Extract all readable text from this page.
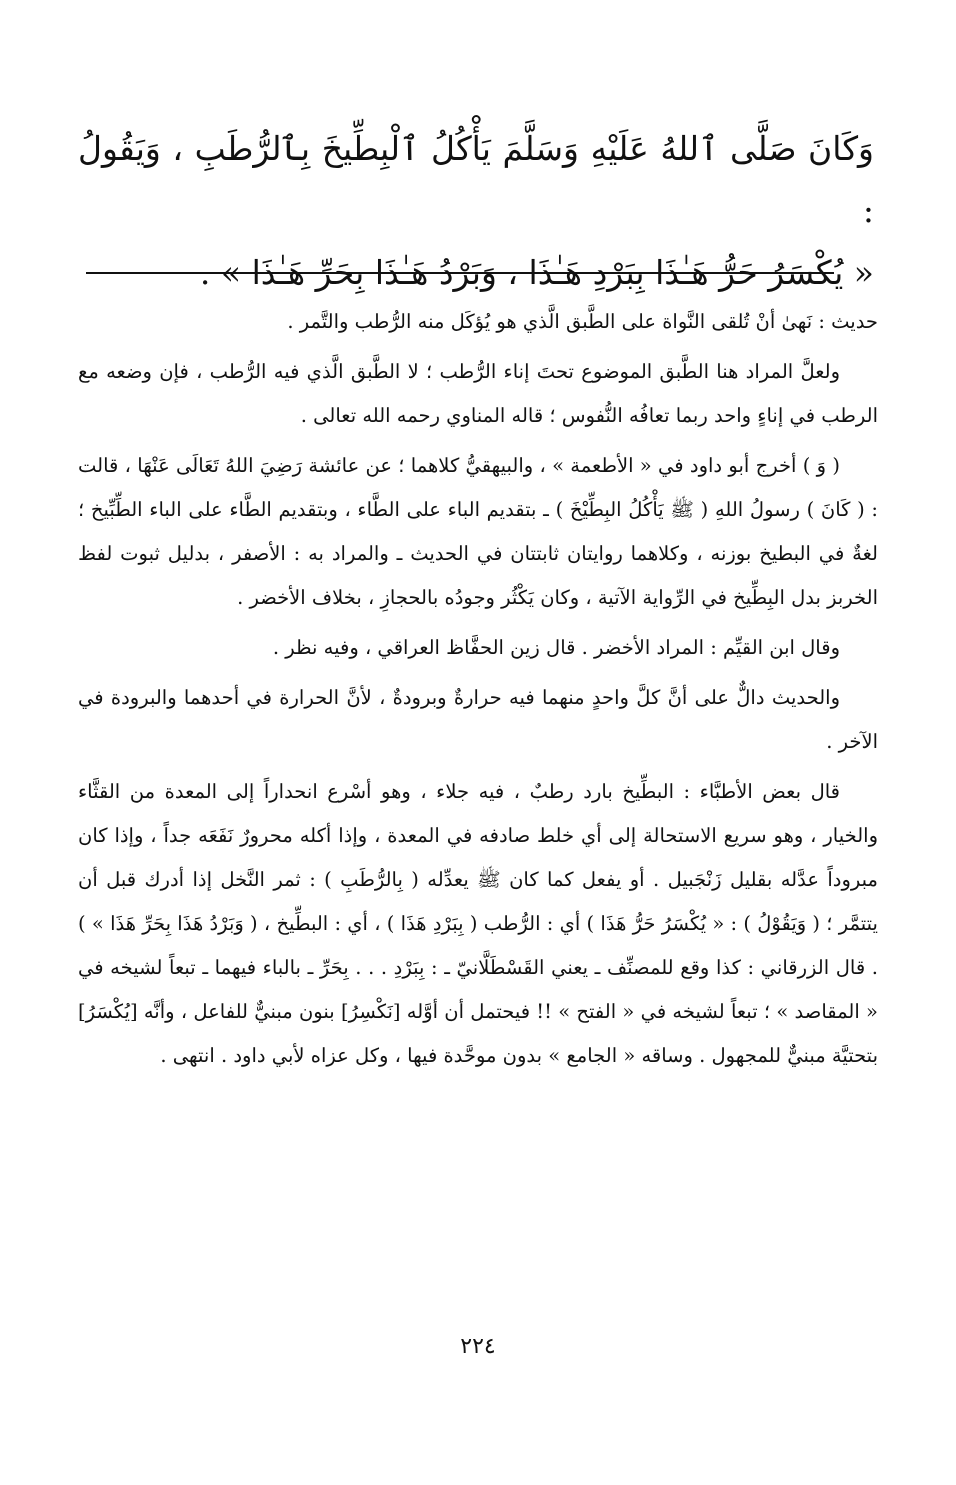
وَكَانَ صَلَّى ٱللهُ عَلَيْهِ وَسَلَّمَ يَأْكُلُ ٱلْبِطِّيخَ بِٱلرُّطَبِ ، وَيَقُولُ :

« يُكْسَرُ حَرُّ هَـٰذَا بِبَرْدِ هَـٰذَا ، وَبَرْدُ هَـٰذَا بِحَرِّ هَـٰذَا » .

حديث : نَهىٰ أنْ تُلقى النَّواة على الطَّبق الَّذي هو يُؤكَل منه الرُّطب والتَّمر .

ولعلَّ المراد هنا الطَّبق الموضوع تحتَ إناء الرُّطب ؛ لا الطَّبق الَّذي فيه الرُّطب ، فإن وضعه مع الرطب في إناءٍ واحد ربما تعافُه النُّفوس ؛ قاله المناوي رحمه الله تعالى .

( وَ ) أخرج أبو داود في « الأطعمة » ، والبيهقيُّ كلاهما ؛ عن عائشة رَضِيَ اللهُ تَعَالَى عَنْهَا ، قالت : ( كَانَ ) رسولُ اللهِ ( ﷺ يَأْكُلُ البِطِّيْخَ ) ـ بتقديم الباء على الطَّاء ، وبتقديم الطَّاء على الباء الطِّبِّيخ ؛ لغةٌ في البطيخ بوزنه ، وكلاهما روايتان ثابتتان في الحديث ـ والمراد به : الأصفر ، بدليل ثبوت لفظ الخربز بدل البِطِّيخ في الرِّواية الآتية ، وكان يَكْثُر وجودُه بالحجازِ ، بخلاف الأخضر .

وقال ابن القيِّم : المراد الأخضر . قال زين الحفَّاظ العراقي ، وفيه نظر .

والحديث دالٌّ على أنَّ كلَّ واحدٍ منهما فيه حرارةٌ وبرودةٌ ، لأنَّ الحرارة في أحدهما والبرودة في الآخر .

قال بعض الأطبَّاء : البطِّيخ بارد رطبٌ ، فيه جلاء ، وهو أسْرع انحداراً إلى المعدة من القثَّاء والخيار ، وهو سريع الاستحالة إلى أي خلط صادفه في المعدة ، وإذا أكله محرورٌ نَفَعَه جداً ، وإذا كان مبروداً عدَّله بقليل زَنْجَبيل . أو يفعل كما كان ﷺ يعدِّله ( بِالرُّطَبِ ) : ثمر النَّخل إذا أدرك قبل أن يتتمَّر ؛ ( وَيَقُوْلُ ) : « يُكْسَرُ حَرُّ هَذَا ) أي : الرُّطب ( بِبَرْدِ هَذَا ) ، أي : البطِّيخ ، ( وَبَرْدُ هَذَا بِحَرِّ هَذَا » ) . قال الزرقاني : كذا وقع للمصنِّف ـ يعني القَسْطَلَّانيّ ـ : بِبَرْدِ . . . بِحَرِّ ـ بالباء فيهما ـ تبعاً لشيخه في « المقاصد » ؛ تبعاً لشيخه في « الفتح » !! فيحتمل أن أوَّله [نَكْسِرُ] بنون مبنيٌّ للفاعل ، وأنَّه [يُكْسَرُ] بتحتيَّة مبنيٌّ للمجهول . وساقه « الجامع » بدون موحَّدة فيها ، وكل عزاه لأبي داود . انتهى .

٢٢٤
